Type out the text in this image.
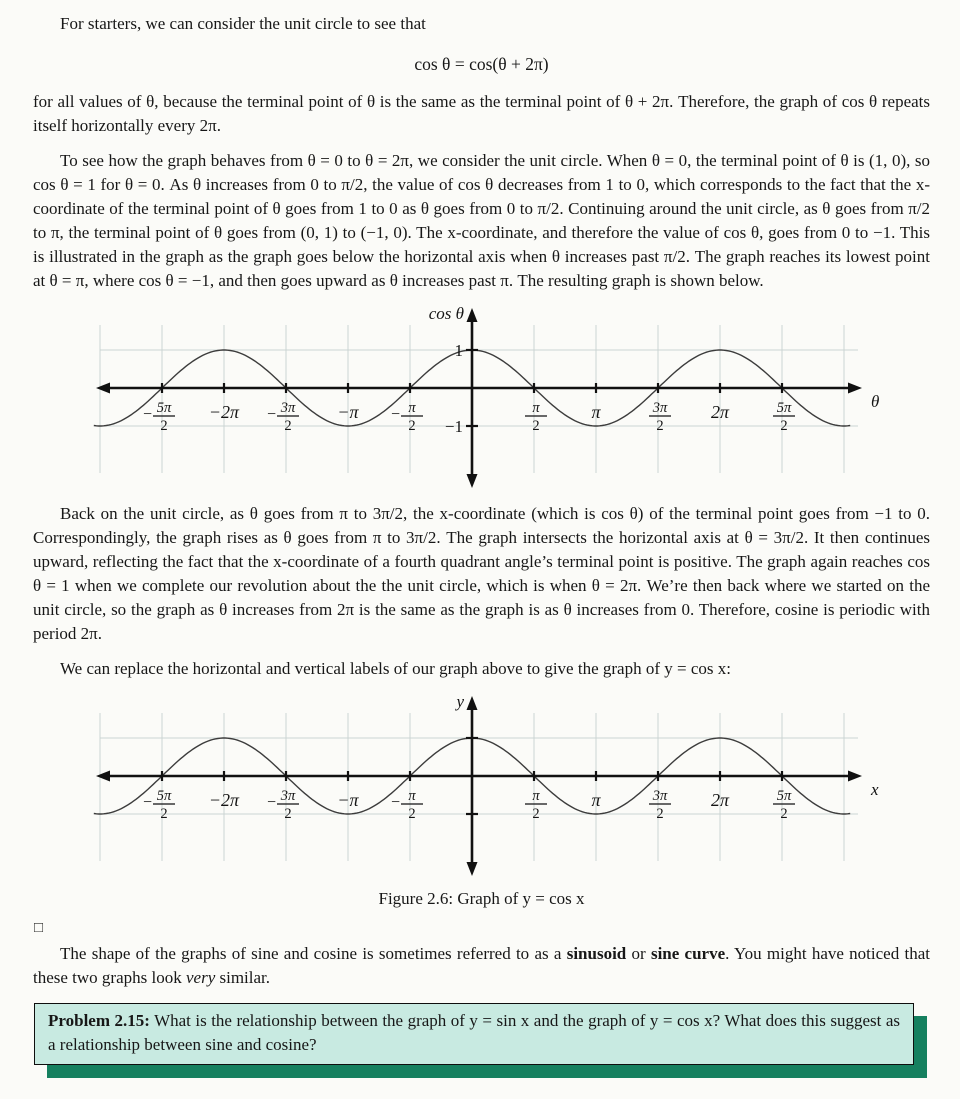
For starters, we can consider the unit circle to see that

cos θ = cos(θ + 2π)

for all values of θ, because the terminal point of θ is the same as the terminal point of θ + 2π. Therefore, the graph of cos θ repeats itself horizontally every 2π.

To see how the graph behaves from θ = 0 to θ = 2π, we consider the unit circle. When θ = 0, the terminal point of θ is (1, 0), so cos θ = 1 for θ = 0. As θ increases from 0 to π/2, the value of cos θ decreases from 1 to 0, which corresponds to the fact that the x-coordinate of the terminal point of θ goes from 1 to 0 as θ goes from 0 to π/2. Continuing around the unit circle, as θ goes from π/2 to π, the terminal point of θ goes from (0, 1) to (−1, 0). The x-coordinate, and therefore the value of cos θ, goes from 0 to −1. This is illustrated in the graph as the graph goes below the horizontal axis when θ increases past π/2. The graph reaches its lowest point at θ = π, where cos θ = −1, and then goes upward as θ increases past π. The resulting graph is shown below.

− 5π
2
−2π − 3π
2
−π − π
2
π
2
π	3π
2
2π	5π
2
1
−1
cos θ
θ

Back on the unit circle, as θ goes from π to 3π/2, the x-coordinate (which is cos θ) of the terminal point goes from −1 to 0. Correspondingly, the graph rises as θ goes from π to 3π/2. The graph intersects the horizontal axis at θ = 3π/2. It then continues upward, reflecting the fact that the x-coordinate of a fourth quadrant angle’s terminal point is positive. The graph again reaches cos θ = 1 when we complete our revolution about the the unit circle, which is when θ = 2π. We’re then back where we started on the unit circle, so the graph as θ increases from 2π is the same as the graph is as θ increases from 0. Therefore, cosine is periodic with period 2π.

We can replace the horizontal and vertical labels of our graph above to give the graph of y = cos x:

− 5π
2
−2π − 3π
2
−π − π
2
π
2
π	3π
2
2π	5π
2
y
x
Figure 2.6: Graph of y = cos x
□

The shape of the graphs of sine and cosine is sometimes referred to as a sinusoid or sine curve. You might have noticed that these two graphs look very similar.

Problem 2.15: What is the relationship between the graph of y = sin x and the graph of y = cos x? What does this suggest as a relationship between sine and cosine?
